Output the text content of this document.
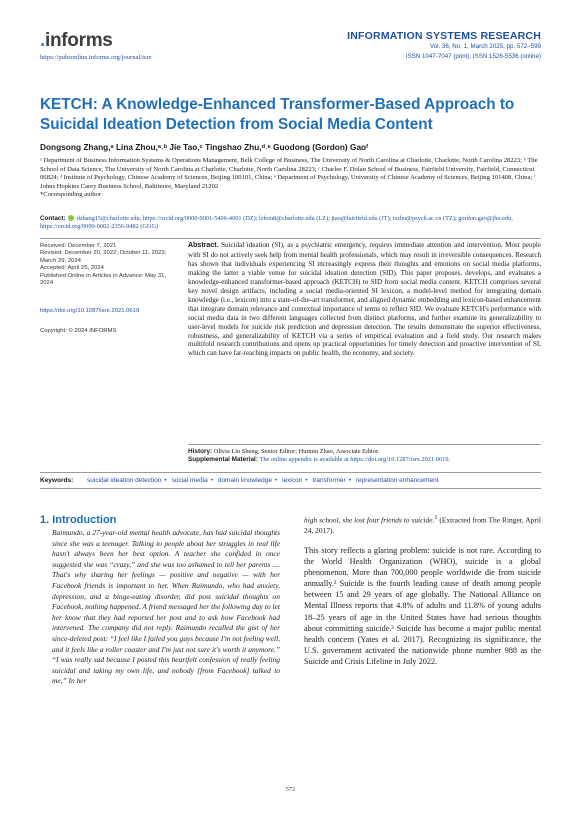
.informs
https://pubsonline.informs.org/journal/isre
INFORMATION SYSTEMS RESEARCH
Vol. 36, No. 1, March 2025, pp. 572–599
ISSN 1047-7047 (print), ISSN 1526-5536 (online)
KETCH: A Knowledge-Enhanced Transformer-Based Approach to Suicidal Ideation Detection from Social Media Content
Dongsong Zhang,ᵃ Lina Zhou,ᵃ˒ᵇ Jie Tao,ᶜ Tingshao Zhu,ᵈ˒ᵉ Guodong (Gordon) Gaoᶠ
ᵃ Department of Business Information Systems & Operations Management, Belk College of Business, The University of North Carolina at Charlotte, Charlotte, North Carolina 28223; ᵇ The School of Data Science, The University of North Carolina at Charlotte, Charlotte, North Carolina 28223; ᶜ Charles F. Dolan School of Business, Fairfield University, Fairfield, Connecticut 06824; ᵈ Institute of Psychology, Chinese Academy of Sciences, Beijing 100101, China; ᵉ Department of Psychology, University of Chinese Academy of Sciences, Beijing 101408, China; ᶠ Johns Hopkins Carey Business School, Baltimore, Maryland 21202
*Corresponding author
Contact: dzhang15@charlotte.edu, https://orcid.org/0000-0001-5406-4601 (DZ); lzhou8@charlotte.edu (LZ); jtao@fairfield.edu (JT); tszhu@psych.ac.cn (TZ); gordon.gao@jhu.edu, https://orcid.org/0000-0002-2356-9482 (GGG)
Received: December 7, 2021
Revised: December 20, 2022; October 11, 2023; March 29, 2024
Accepted: April 25, 2024
Published Online in Articles in Advance: May 31, 2024
https://doi.org/10.1287/isre.2021.0619
Copyright: © 2024 INFORMS
Abstract. Suicidal ideation (SI), as a psychiatric emergency, requires immediate attention and intervention. Most people with SI do not actively seek help from mental health professionals, which may result in irreversible consequences. Research has shown that individuals experiencing SI increasingly express their thoughts and emotions on social media platforms, making the latter a viable venue for suicidal ideation detection (SID). This paper proposes, develops, and evaluates a knowledge-enhanced transformer-based approach (KETCH) to SID from social media content. KETCH comprises several key novel design artifacts, including a social media-oriented SI lexicon, a model-level method for integrating domain knowledge (i.e., lexicon) into a state-of-the-art transformer, and aligned dynamic embedding and lexicon-based enhancement that integrate domain relevance and contextual importance of terms to reflect SID. We evaluate KETCH's performance with social media data in two different languages collected from distinct platforms, and further examine its generalizability to user-level models for suicide risk prediction and depression detection. The results demonstrate the superior effectiveness, robustness, and generalizability of KETCH via a series of empirical evaluation and a field study. Our research makes multifold research contributions and opens up practical opportunities for timely detection and proactive intervention of SI, which can have far-reaching impacts on public health, the economy, and society.
History: Olivia Liu Sheng, Senior Editor; Huimin Zhao, Associate Editor.
Supplemental Material: The online appendix is available at https://doi.org/10.1287/isre.2021.0619.
Keywords: suicidal ideation detection • social media • domain knowledge • lexicon • transformer • representation enhancement
1. Introduction
Raimundo, a 27-year-old mental health advocate, has had suicidal thoughts since she was a teenager. Talking to people about her struggles in real life hasn't always been her best option. A teacher she confided in once suggested she was “crazy,” and she was too ashamed to tell her parents .... That's why sharing her feelings — positive and negative — with her Facebook friends is important to her. When Raimundo, who had anxiety, depression, and a binge-eating disorder, did post suicidal thoughts on Facebook, nothing happened. A friend messaged her the following day to let her know that they had reported her post and to ask how Facebook had intervened. The company did not reply. Raimundo recalled the gist of her since-deleted post: “I feel like I failed you guys because I'm not feeling well, and it feels like a roller coaster and I'm just not sure it's worth it anymore.” “I was really sad because I posted this heartfelt confession of really feeling suicidal and taking my own life, and nobody [from Facebook] talked to me,” In her
high school, she lost four friends to suicide.$^1$ (Extracted from The Ringer, April 24, 2017).
This story reflects a glaring problem: suicide is not rare. According to the World Health Organization (WHO), suicide is a global phenomenon. More than 700,000 people worldwide die from suicide annually.² Suicide is the fourth leading cause of death among people between 15 and 29 years of age globally. The National Alliance on Mental Illness reports that 4.8% of adults and 11.8% of young adults 18–25 years of age in the United States have had serious thoughts about committing suicide.³ Suicide has become a major public mental health concern (Yates et al. 2017). Recognizing its significance, the U.S. government activated the nationwide phone number 988 as the Suicide and Crisis Lifeline in July 2022.
572
